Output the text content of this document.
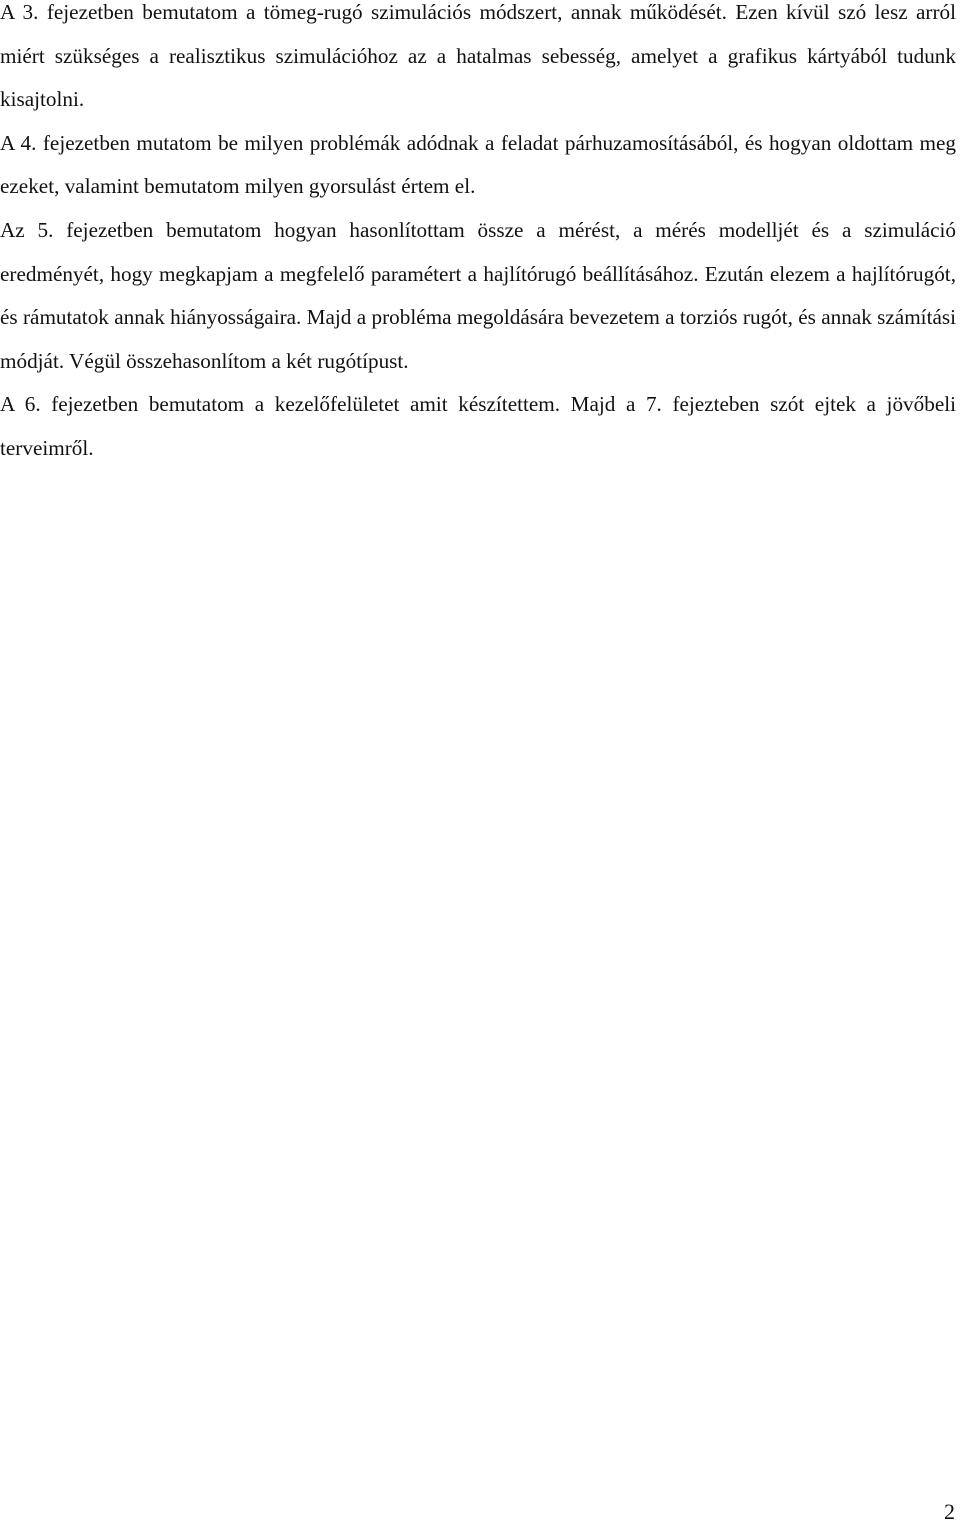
A 3. fejezetben bemutatom a tömeg-rugó szimulációs módszert, annak működését. Ezen kívül szó lesz arról miért szükséges a realisztikus szimulációhoz az a hatalmas sebesség, amelyet a grafikus kártyából tudunk kisajtolni.

A 4. fejezetben mutatom be milyen problémák adódnak a feladat párhuzamosításából, és hogyan oldottam meg ezeket, valamint bemutatom milyen gyorsulást értem el.

Az 5. fejezetben bemutatom hogyan hasonlítottam össze a mérést, a mérés modelljét és a szimuláció eredményét, hogy megkapjam a megfelelő paramétert a hajlítórugó beállításához. Ezután elezem a hajlítórugót, és rámutatok annak hiányosságaira. Majd a probléma megoldására bevezetem a torziós rugót, és annak számítási módját. Végül összehasonlítom a két rugótípust.

A 6. fejezetben bemutatom a kezelőfelületet amit készítettem. Majd a 7. fejezteben szót ejtek a jövőbeli terveimről.

2
